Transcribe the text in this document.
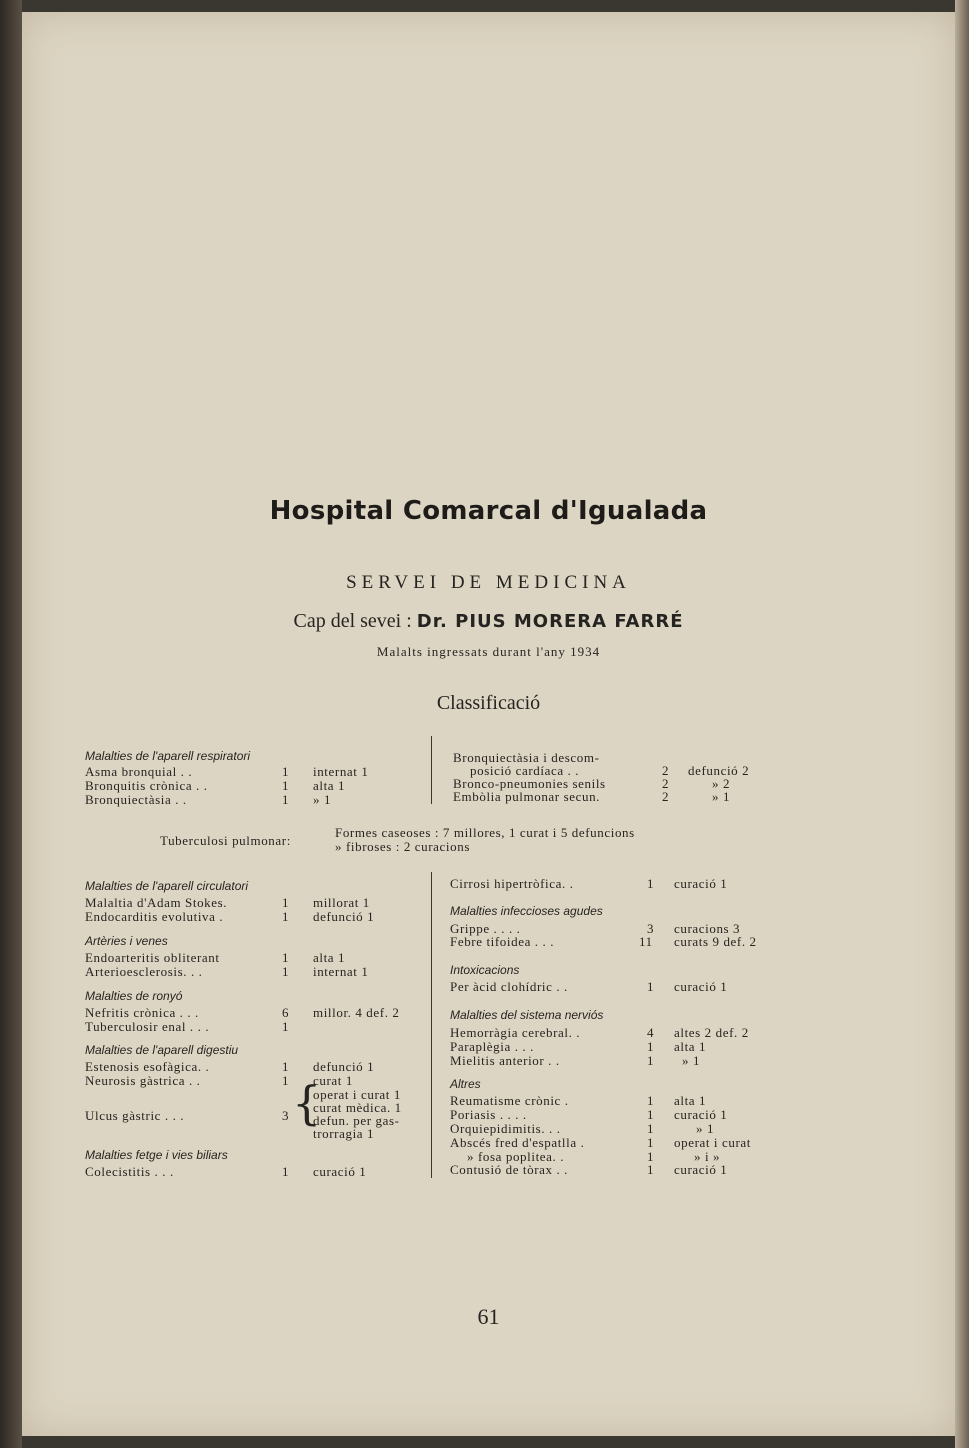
Hospital Comarcal d'Igualada
SERVEI DE MEDICINA
Cap del sevei : Dr. PIUS MORERA FARRÉ
Malalts ingressats durant l'any 1934
Classificació
Malalties de l'aparell respiratori
Asma bronquial . .	1 internat 1
Bronquitis crònica . .	1 alta 1
Bronquiectàsia . .	1 » 1
Bronquiectàsia i descom-
posició cardíaca . .	2 defunció 2
Bronco-pneumonies senils	2	» 2
Embòlia pulmonar secun.	2	» 1
Tuberculosi pulmonar:
Formes caseoses : 7 millores, 1 curat i 5 defuncions
» fibroses : 2 curacions
Malalties de l'aparell circulatori
Malaltia d'Adam Stokes.	1 millorat 1
Endocarditis evolutiva .	1 defunció 1
Artèries i venes
Endoarteritis obliterant	1 alta 1
Arterioesclerosis. . .	1 internat 1
Malalties de ronyó
Nefritis crònica . . .	6 millor. 4 def. 2
Tuberculosir enal . . .	1
Malalties de l'aparell digestiu
Estenosis esofàgica. .	1 defunció 1
Neurosis gàstrica . .	1 curat 1
Ulcus gàstric . . .	3 {
operat i curat 1
curat mèdica. 1
defun. per gas-
trorragia 1
Malalties fetge i vies biliars
Colecistitis . . .	1 curació 1
Cirrosi hipertròfica. .	1 curació 1
Malalties infeccioses agudes
Grippe . . . .	3 curacions 3
Febre tifoidea . . .	11 curats 9 def. 2
Intoxicacions
Per àcid clohídric . .	1 curació 1
Malalties del sistema nerviós
Hemorràgia cerebral. .	4 altes 2 def. 2
Paraplègia . . .	1 alta 1
Mielitis anterior . .	1 » 1
Altres
Reumatisme crònic .	1 alta 1
Poriasis . . . .	1 curació 1
Orquiepidimitis. . .	1	» 1
Abscés fred d'espatlla .	1 operat i curat
» fosa poplitea. .	1	» i »
Contusió de tòrax . .	1 curació 1
61
